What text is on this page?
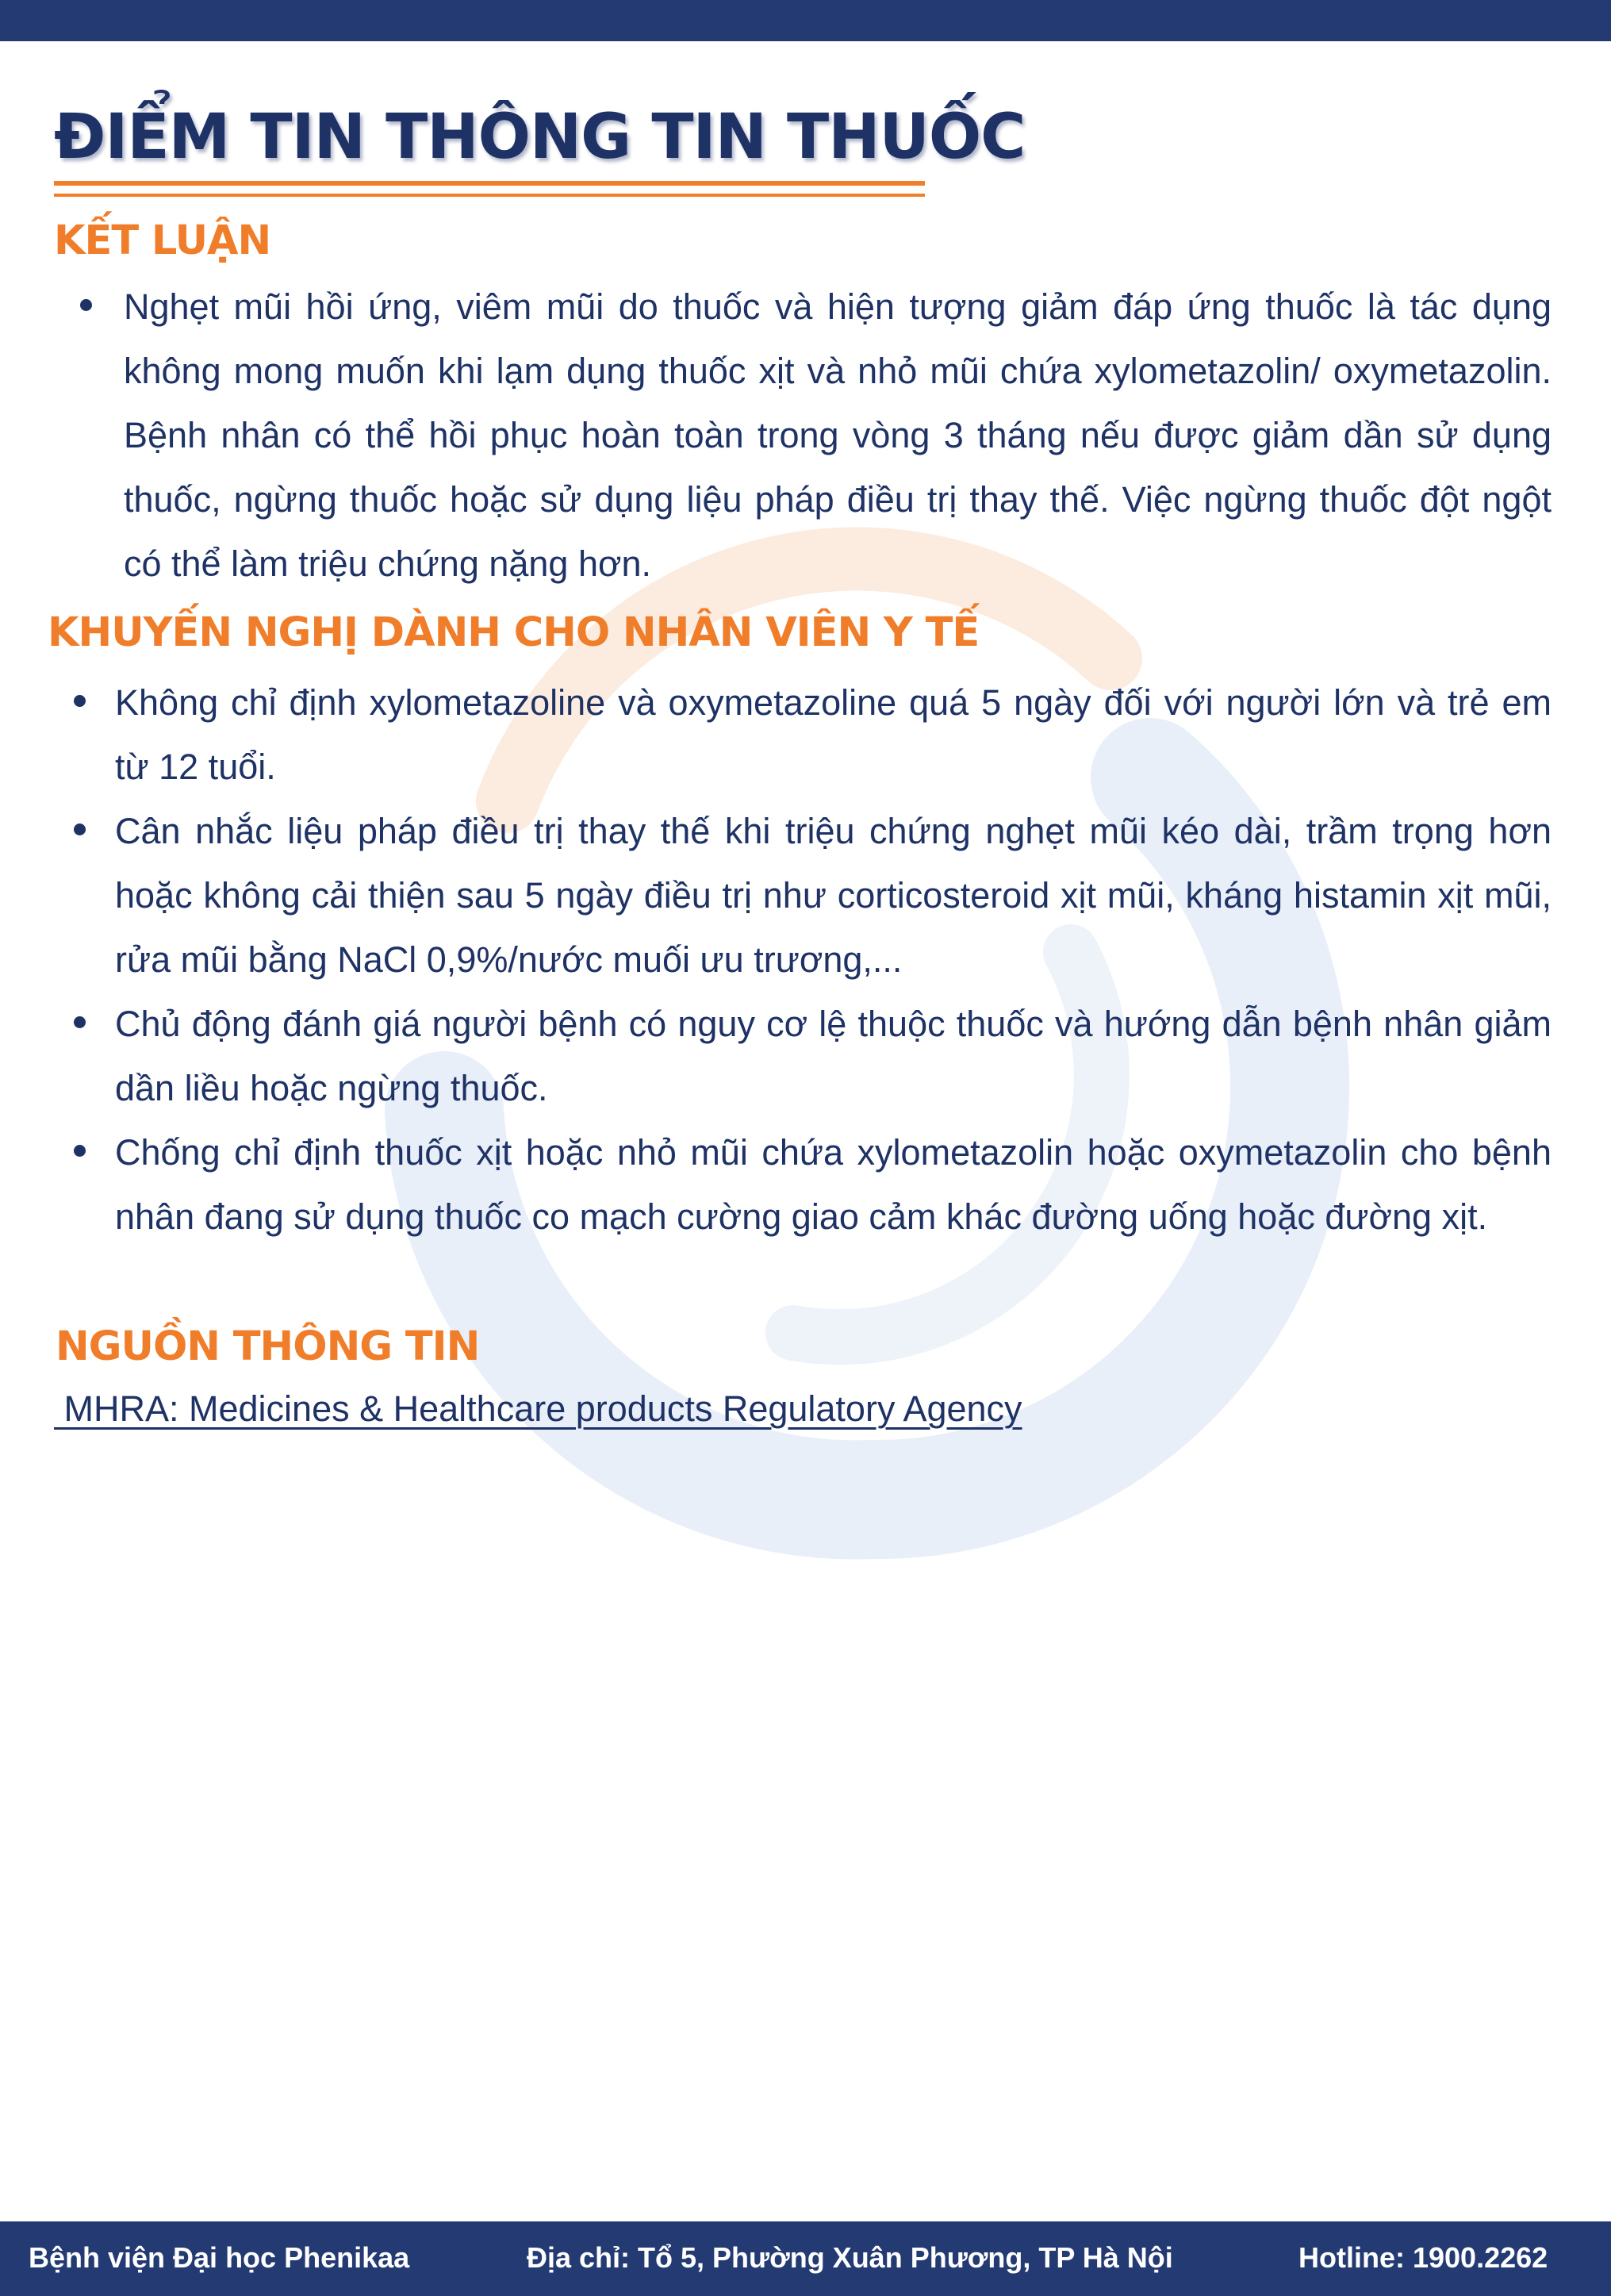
ĐIỂM TIN THÔNG TIN THUỐC
KẾT LUẬN
Nghẹt mũi hồi ứng, viêm mũi do thuốc và hiện tượng giảm đáp ứng thuốc là tác dụng không mong muốn khi lạm dụng thuốc xịt và nhỏ mũi chứa xylometazolin/ oxymetazolin. Bệnh nhân có thể hồi phục hoàn toàn trong vòng 3 tháng nếu được giảm dần sử dụng thuốc, ngừng thuốc hoặc sử dụng liệu pháp điều trị thay thế. Việc ngừng thuốc đột ngột có thể làm triệu chứng nặng hơn.
KHUYẾN NGHỊ DÀNH CHO NHÂN VIÊN Y TẾ
Không chỉ định xylometazoline và oxymetazoline quá 5 ngày đối với người lớn và trẻ em từ 12 tuổi.
Cân nhắc liệu pháp điều trị thay thế khi triệu chứng nghẹt mũi kéo dài, trầm trọng hơn hoặc không cải thiện sau 5 ngày điều trị như corticosteroid xịt mũi, kháng histamin xịt mũi, rửa mũi bằng NaCl 0,9%/nước muối ưu trương,...
Chủ động đánh giá người bệnh có nguy cơ lệ thuộc thuốc và hướng dẫn bệnh nhân giảm dần liều hoặc ngừng thuốc.
Chống chỉ định thuốc xịt hoặc nhỏ mũi chứa xylometazolin hoặc oxymetazolin cho bệnh nhân đang sử dụng thuốc co mạch cường giao cảm khác đường uống hoặc đường xịt.
NGUỒN THÔNG TIN
MHRA: Medicines & Healthcare products Regulatory Agency
Bệnh viện Đại học Phenikaa	Địa chỉ: Tổ 5, Phường Xuân Phương, TP Hà Nội	Hotline: 1900.2262
